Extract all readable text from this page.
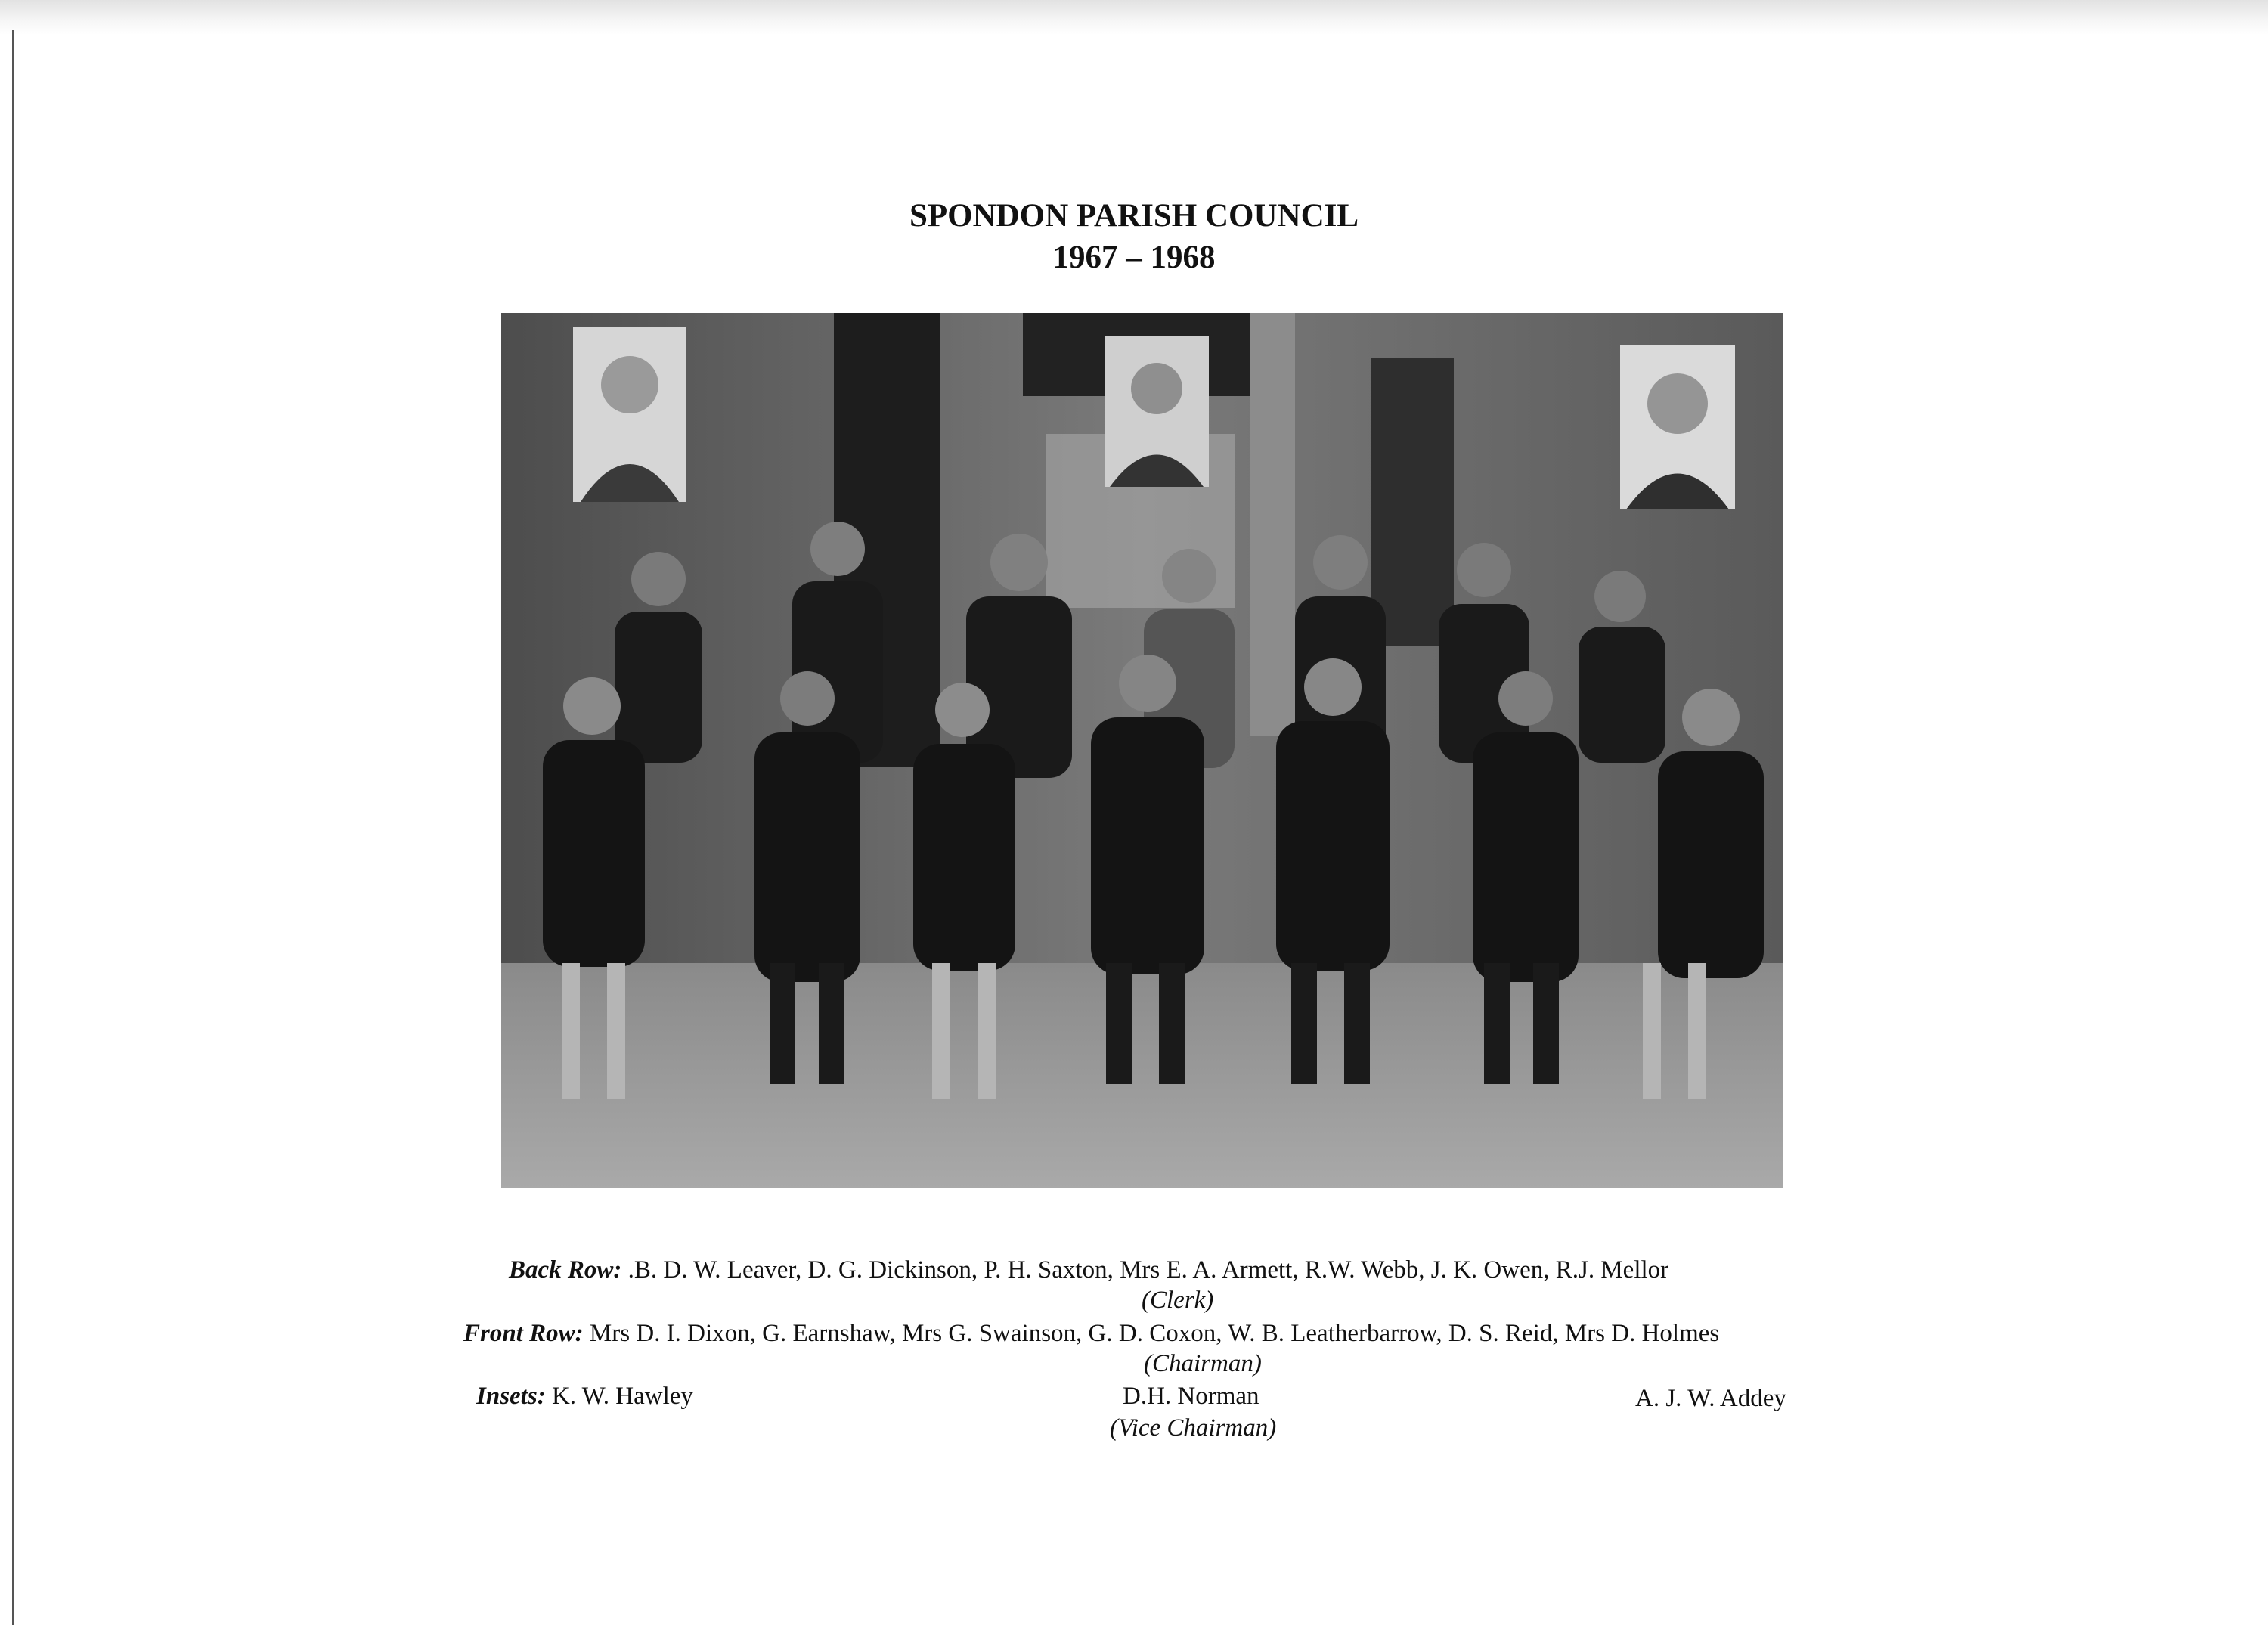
SPONDON PARISH COUNCIL
1967 – 1968
Back Row: .B. D. W. Leaver, D. G. Dickinson, P. H. Saxton, Mrs E. A. Armett, R.W. Webb, J. K. Owen, R.J. Mellor
(Clerk)
Front Row: Mrs D. I. Dixon, G. Earnshaw, Mrs G. Swainson, G. D. Coxon, W. B. Leatherbarrow, D. S. Reid, Mrs D. Holmes
(Chairman)
Insets: K. W. Hawley	D.H. Norman
(Vice Chairman)
A. J. W. Addey
